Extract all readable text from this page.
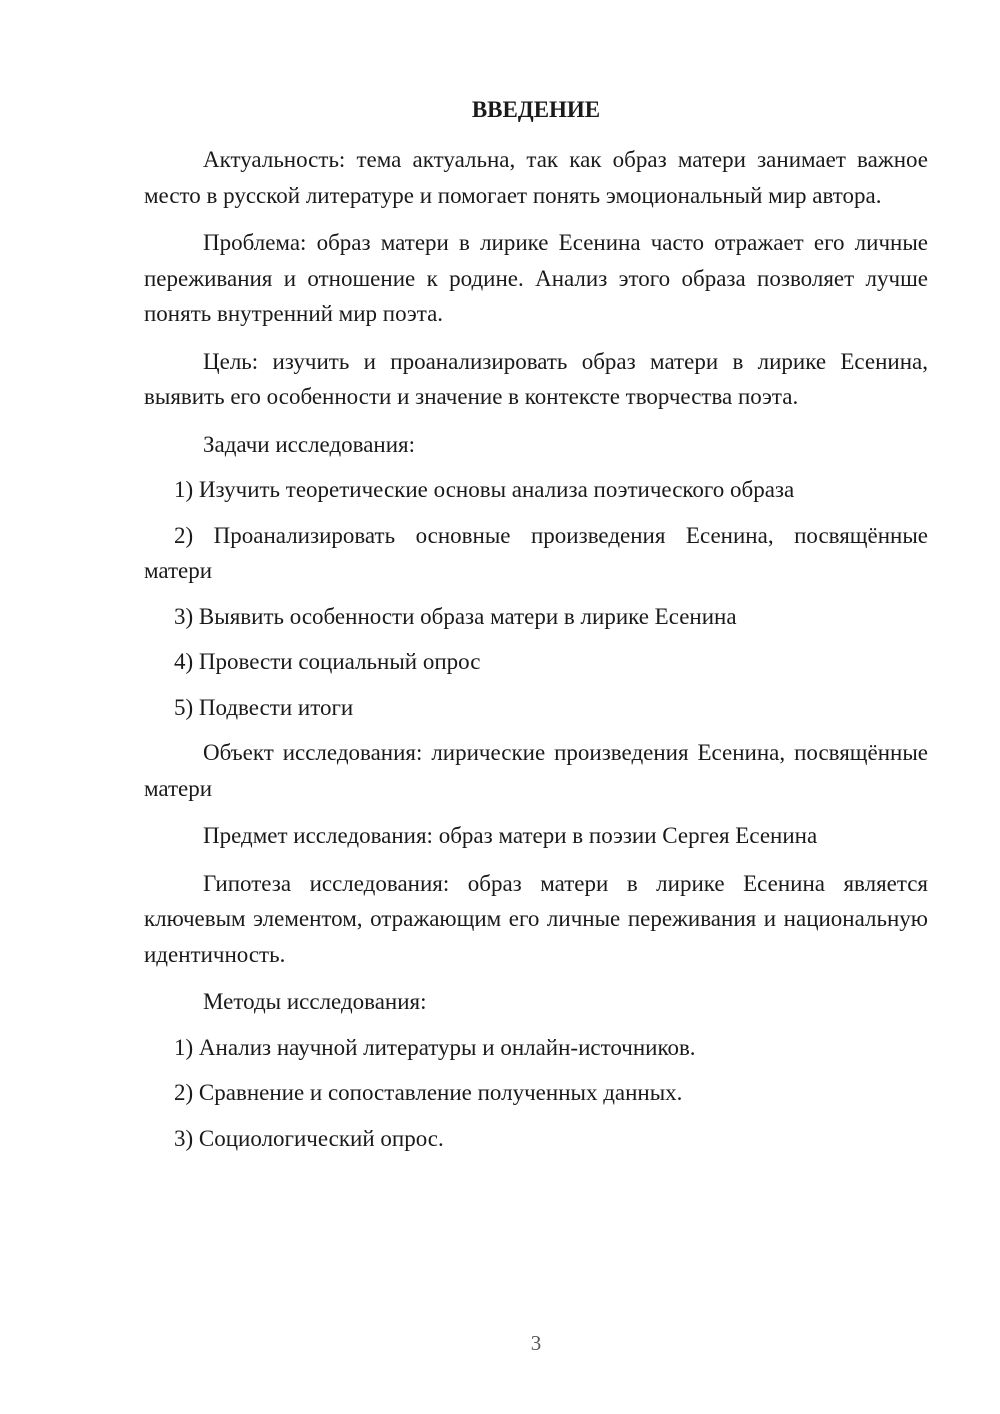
ВВЕДЕНИЕ

Актуальность: тема актуальна, так как образ матери занимает важное место в русской литературе и помогает понять эмоциональный мир автора.

Проблема: образ матери в лирике Есенина часто отражает его личные переживания и отношение к родине. Анализ этого образа позволяет лучше понять внутренний мир поэта.

Цель: изучить и проанализировать образ матери в лирике Есенина, выявить его особенности и значение в контексте творчества поэта.

Задачи исследования:

1) Изучить теоретические основы анализа поэтического образа

2) Проанализировать основные произведения Есенина, посвящённые матери

3) Выявить особенности образа матери в лирике Есенина

4) Провести социальный опрос

5) Подвести итоги

Объект исследования: лирические произведения Есенина, посвящённые матери

Предмет исследования: образ матери в поэзии Сергея Есенина

Гипотеза исследования: образ матери в лирике Есенина является ключевым элементом, отражающим его личные переживания и национальную идентичность.

Методы исследования:

1) Анализ научной литературы и онлайн-источников.

2) Сравнение и сопоставление полученных данных.

3) Социологический опрос.

3
